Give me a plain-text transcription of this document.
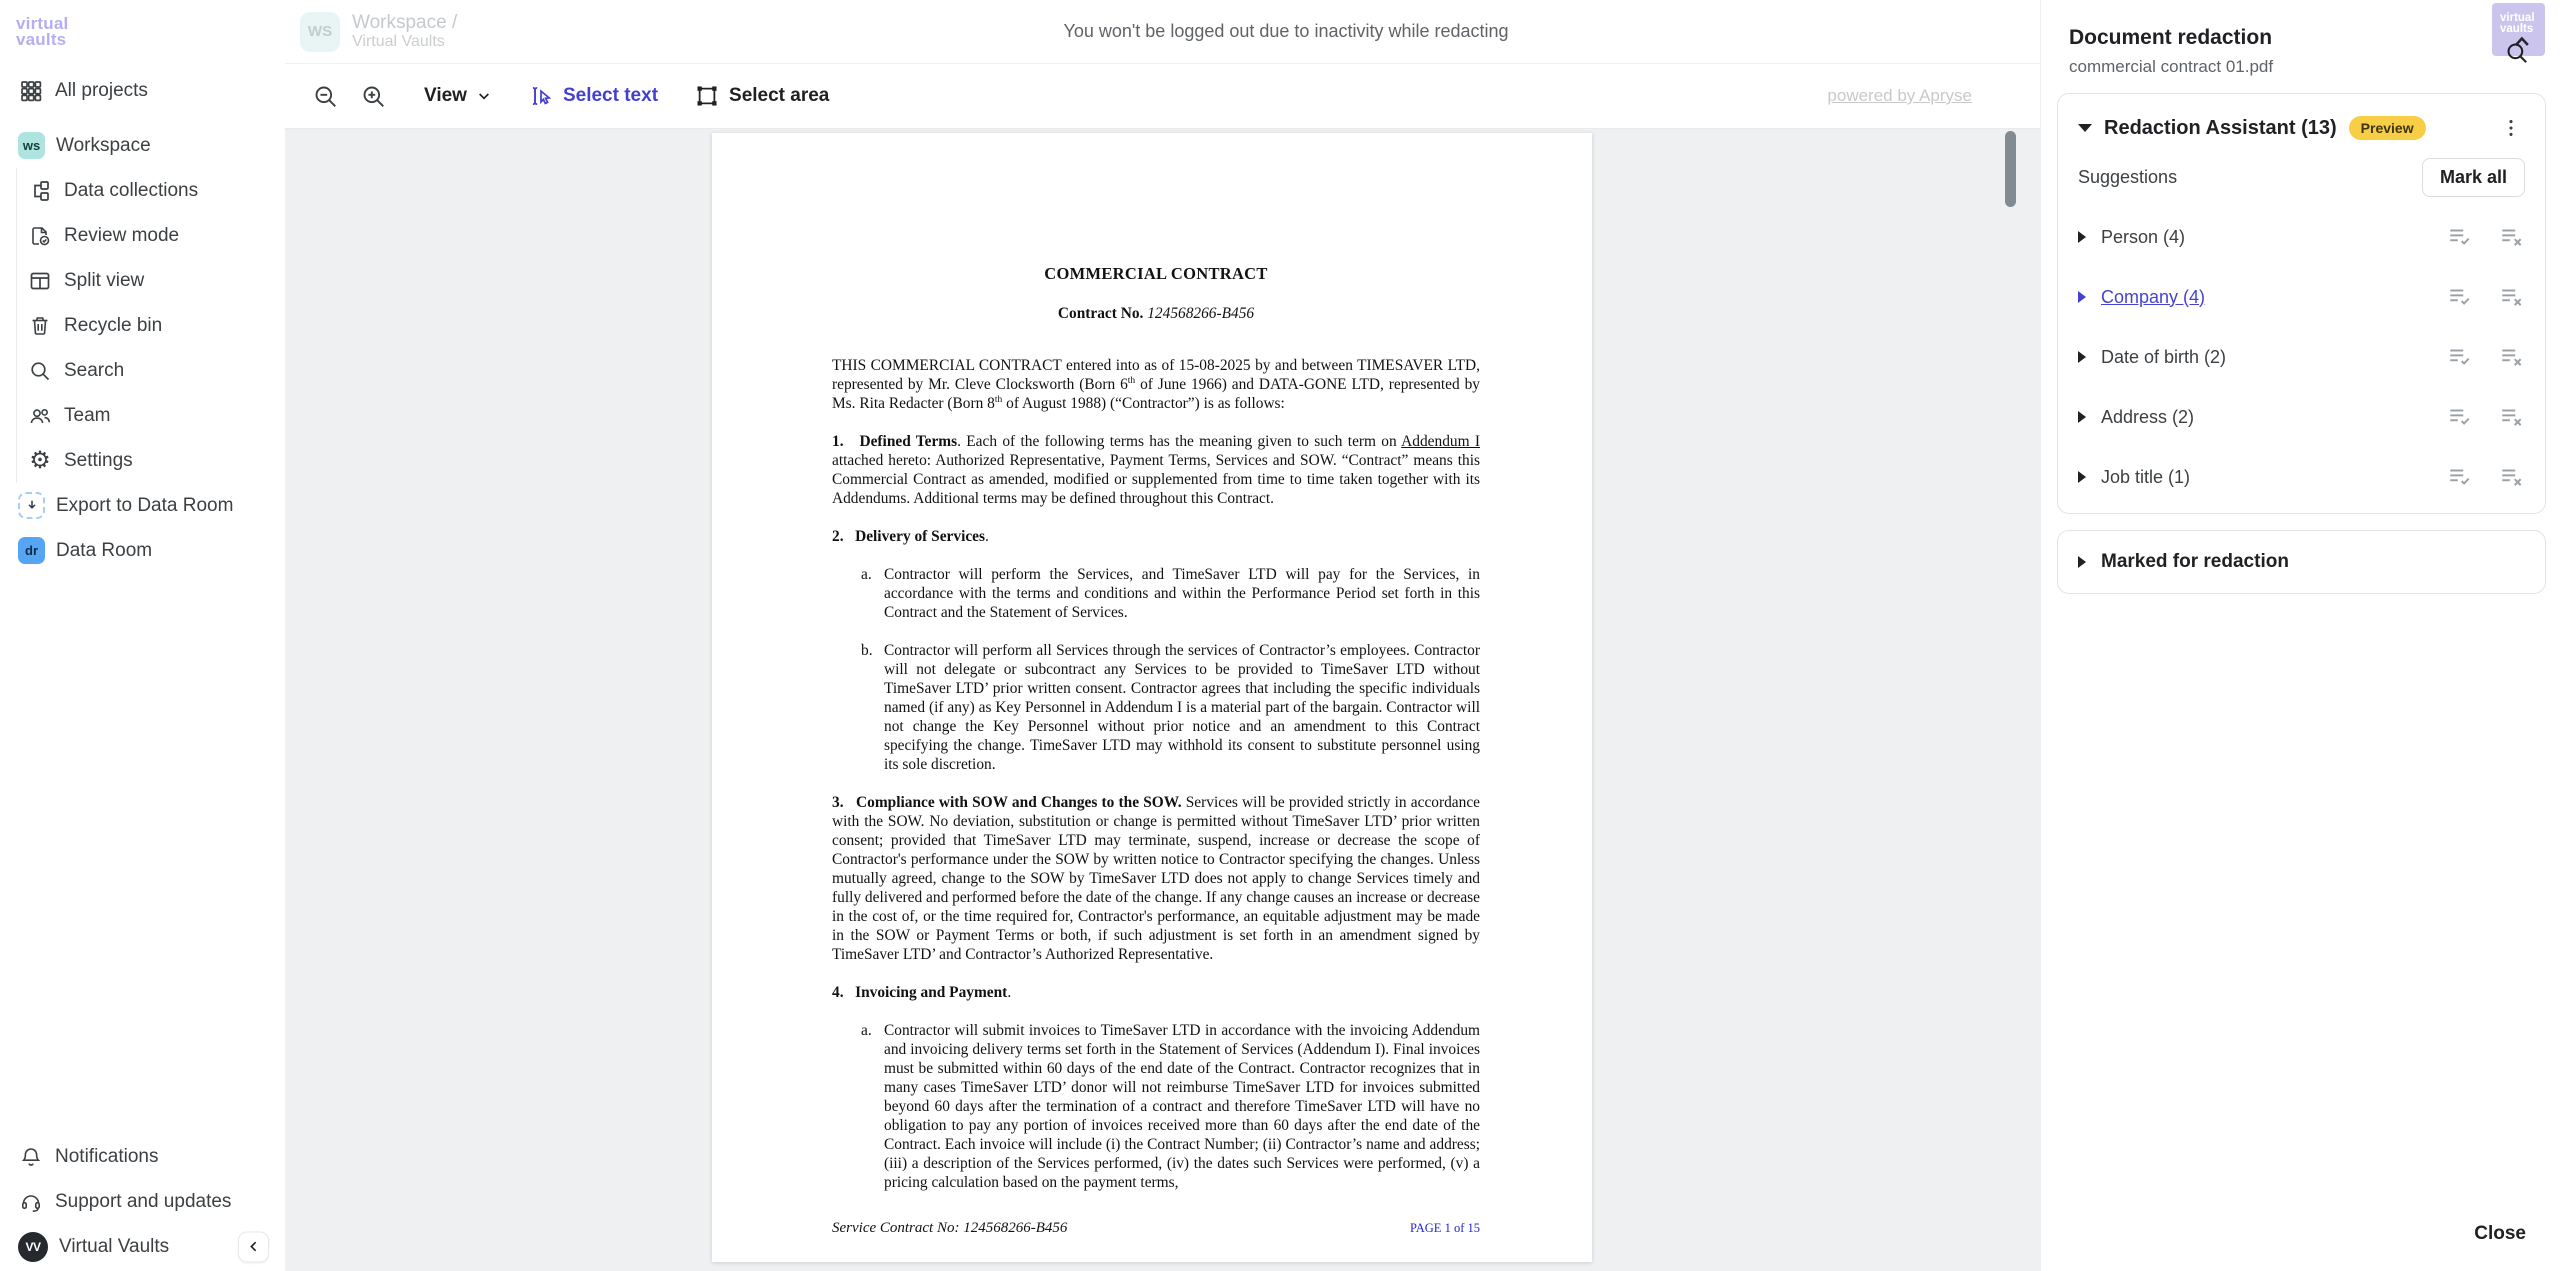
virtual
vaults
All projects
ws Workspace
Data collections
Review mode
Split view
Recycle bin
Search
Team
⚙ Settings
Export to Data Room
dr Data Room
Notifications
Support and updates
VV Virtual Vaults
WS	Workspace /
Virtual Vaults
You won't be logged out due to inactivity while redacting
View	Select text	Select area	powered by Apryse
COMMERCIAL CONTRACT
Contract No. 124568266-B456
THIS COMMERCIAL CONTRACT entered into as of 15-08-2025 by and between TIMESAVER LTD, represented by Mr. Cleve Clocksworth (Born 6th of June 1966) and DATA-GONE LTD, represented by Ms. Rita Redacter (Born 8th of August 1988) (“Contractor”) is as follows:
1.   Defined Terms. Each of the following terms has the meaning given to such term on Addendum I attached hereto: Authorized Representative, Payment Terms, Services and SOW. “Contract” means this Commercial Contract as amended, modified or supplemented from time to time taken together with its Addendums. Additional terms may be defined throughout this Contract.
2.   Delivery of Services.
a. Contractor will perform the Services, and TimeSaver LTD will pay for the Services, in accordance with the terms and conditions and within the Performance Period set forth in this Contract and the Statement of Services.
b. Contractor will perform all Services through the services of Contractor’s employees. Contractor will not delegate or subcontract any Services to be provided to TimeSaver LTD without TimeSaver LTD’ prior written consent. Contractor agrees that including the specific individuals named (if any) as Key Personnel in Addendum I is a material part of the bargain. Contractor will not change the Key Personnel without prior notice and an amendment to this Contract specifying the change. TimeSaver LTD may withhold its consent to substitute personnel using its sole discretion.
3.   Compliance with SOW and Changes to the SOW. Services will be provided strictly in accordance with the SOW. No deviation, substitution or change is permitted without TimeSaver LTD’ prior written consent; provided that TimeSaver LTD may terminate, suspend, increase or decrease the scope of Contractor's performance under the SOW by written notice to Contractor specifying the changes. Unless mutually agreed, change to the SOW by TimeSaver LTD does not apply to change Services timely and fully delivered and performed before the date of the change. If any change causes an increase or decrease in the cost of, or the time required for, Contractor's performance, an equitable adjustment may be made in the SOW or Payment Terms or both, if such adjustment is set forth in an amendment signed by TimeSaver LTD’ and Contractor’s Authorized Representative.
4.   Invoicing and Payment.
a. Contractor will submit invoices to TimeSaver LTD in accordance with the invoicing Addendum and invoicing delivery terms set forth in the Statement of Services (Addendum I). Final invoices must be submitted within 60 days of the end date of the Contract. Contractor recognizes that in many cases TimeSaver LTD’ donor will not reimburse TimeSaver LTD for invoices submitted beyond 60 days after the termination of a contract and therefore TimeSaver LTD will have no obligation to pay any portion of invoices received more than 60 days after the end date of the Contract. Each invoice will include (i) the Contract Number; (ii) Contractor’s name and address; (iii) a description of the Services performed, (iv) the dates such Services were performed, (v) a pricing calculation based on the payment terms,
Service Contract No: 124568266-B456	PAGE 1 of 15
virtual
vaults
Document redaction
commercial contract 01.pdf
Redaction Assistant (13)	Preview
Suggestions	Mark all
Person (4)
Company (4)
Date of birth (2)
Address (2)
Job title (1)
Marked for redaction
Close
